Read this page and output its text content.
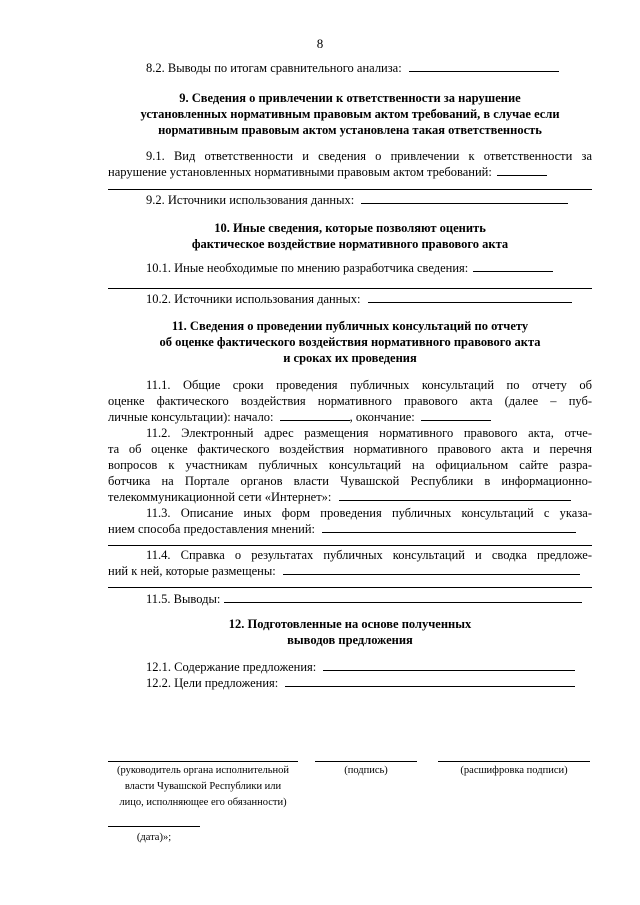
8
8.2. Выводы по итогам сравнительного анализа:
9. Сведения о привлечении к ответственности за нарушение
установленных нормативным правовым актом требований, в случае если
нормативным правовым актом установлена такая ответственность
9.1. Вид ответственности и сведения о привлечении к ответственности за
нарушение установленных нормативными правовым актом требований:
9.2. Источники использования данных:
10. Иные сведения, которые позволяют оценить
фактическое воздействие нормативного правового акта
10.1. Иные необходимые по мнению разработчика сведения:
10.2. Источники использования данных:
11. Сведения о проведении публичных консультаций по отчету
об оценке фактического воздействия нормативного правового акта
и сроках их проведения
11.1. Общие сроки проведения публичных консультаций по отчету об
оценке фактического воздействия нормативного правового акта (далее – пуб-
личные консультации): начало:	, окончание:
11.2. Электронный адрес размещения нормативного правового акта, отче-
та об оценке фактического воздействия нормативного правового акта и перечня
вопросов к участникам публичных консультаций на официальном сайте разра-
ботчика на Портале органов власти Чувашской Республики в информационно-
телекоммуникационной сети «Интернет»:
11.3. Описание иных форм проведения публичных консультаций с указа-
нием способа предоставления мнений:
11.4. Справка о результатах публичных консультаций и сводка предложе-
ний к ней, которые размещены:
11.5. Выводы:
12. Подготовленные на основе полученных
выводов предложения
12.1. Содержание предложения:
12.2. Цели предложения:
(руководитель органа исполнительной
власти Чувашской Республики или
лицо, исполняющее его обязанности)
(подпись)	(расшифровка подписи)
(дата)»;
